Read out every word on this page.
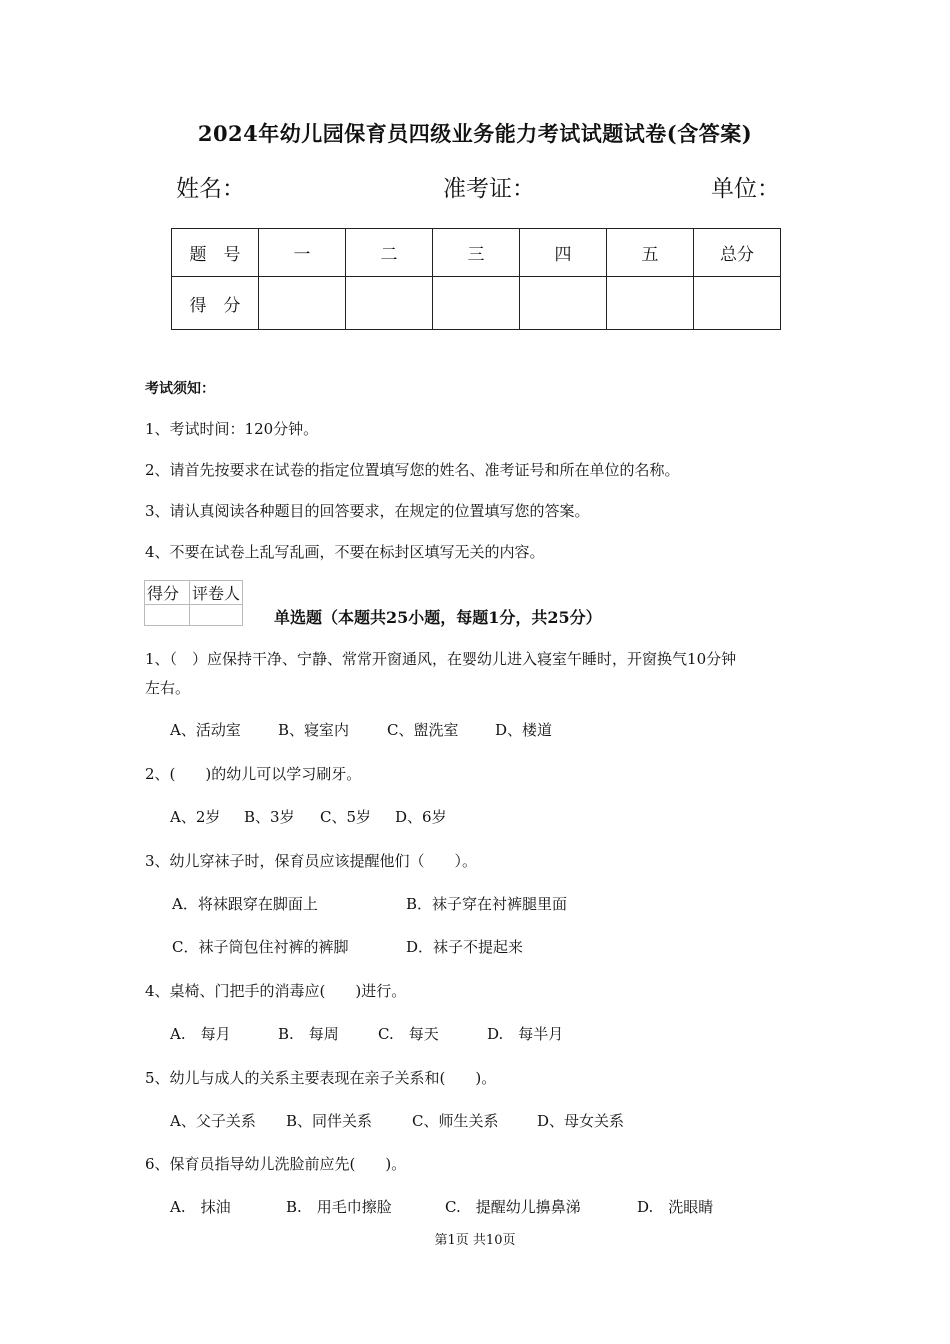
2024年幼儿园保育员四级业务能力考试试题试卷(含答案)
姓名：	准考证：	单位：
题　号	一	二	三	四	五	总分
得　分						
考试须知：
1、考试时间：120分钟。
2、请首先按要求在试卷的指定位置填写您的姓名、准考证号和所在单位的名称。
3、请认真阅读各种题目的回答要求，在规定的位置填写您的答案。
4、不要在试卷上乱写乱画，不要在标封区填写无关的内容。
得分	评卷人

单选题（本题共25小题，每题1分，共25分）
1、（　）应保持干净、宁静、常常开窗通风，在婴幼儿进入寝室午睡时，开窗换气10分钟
左右。
A、活动室 B、寝室内	C、盥洗室 D、楼道
2、(　　)的幼儿可以学习刷牙。
A、2岁 B、3岁 C、5岁 D、6岁
3、幼儿穿袜子时，保育员应该提醒他们（　　）。
A．将袜跟穿在脚面上	B．袜子穿在衬裤腿里面
C．袜子筒包住衬裤的裤脚	D．袜子不提起来
4、桌椅、门把手的消毒应(　　)进行。
A.　每月	B.　每周	C.　每天	D.　每半月
5、幼儿与成人的关系主要表现在亲子关系和(　　)。
A、父子关系 B、同伴关系	C、师生关系	D、母女关系
6、保育员指导幼儿洗脸前应先(　　)。
A.　抹油	B.　用毛巾擦脸	C.　提醒幼儿擤鼻涕	D.　洗眼睛
第1页 共10页
